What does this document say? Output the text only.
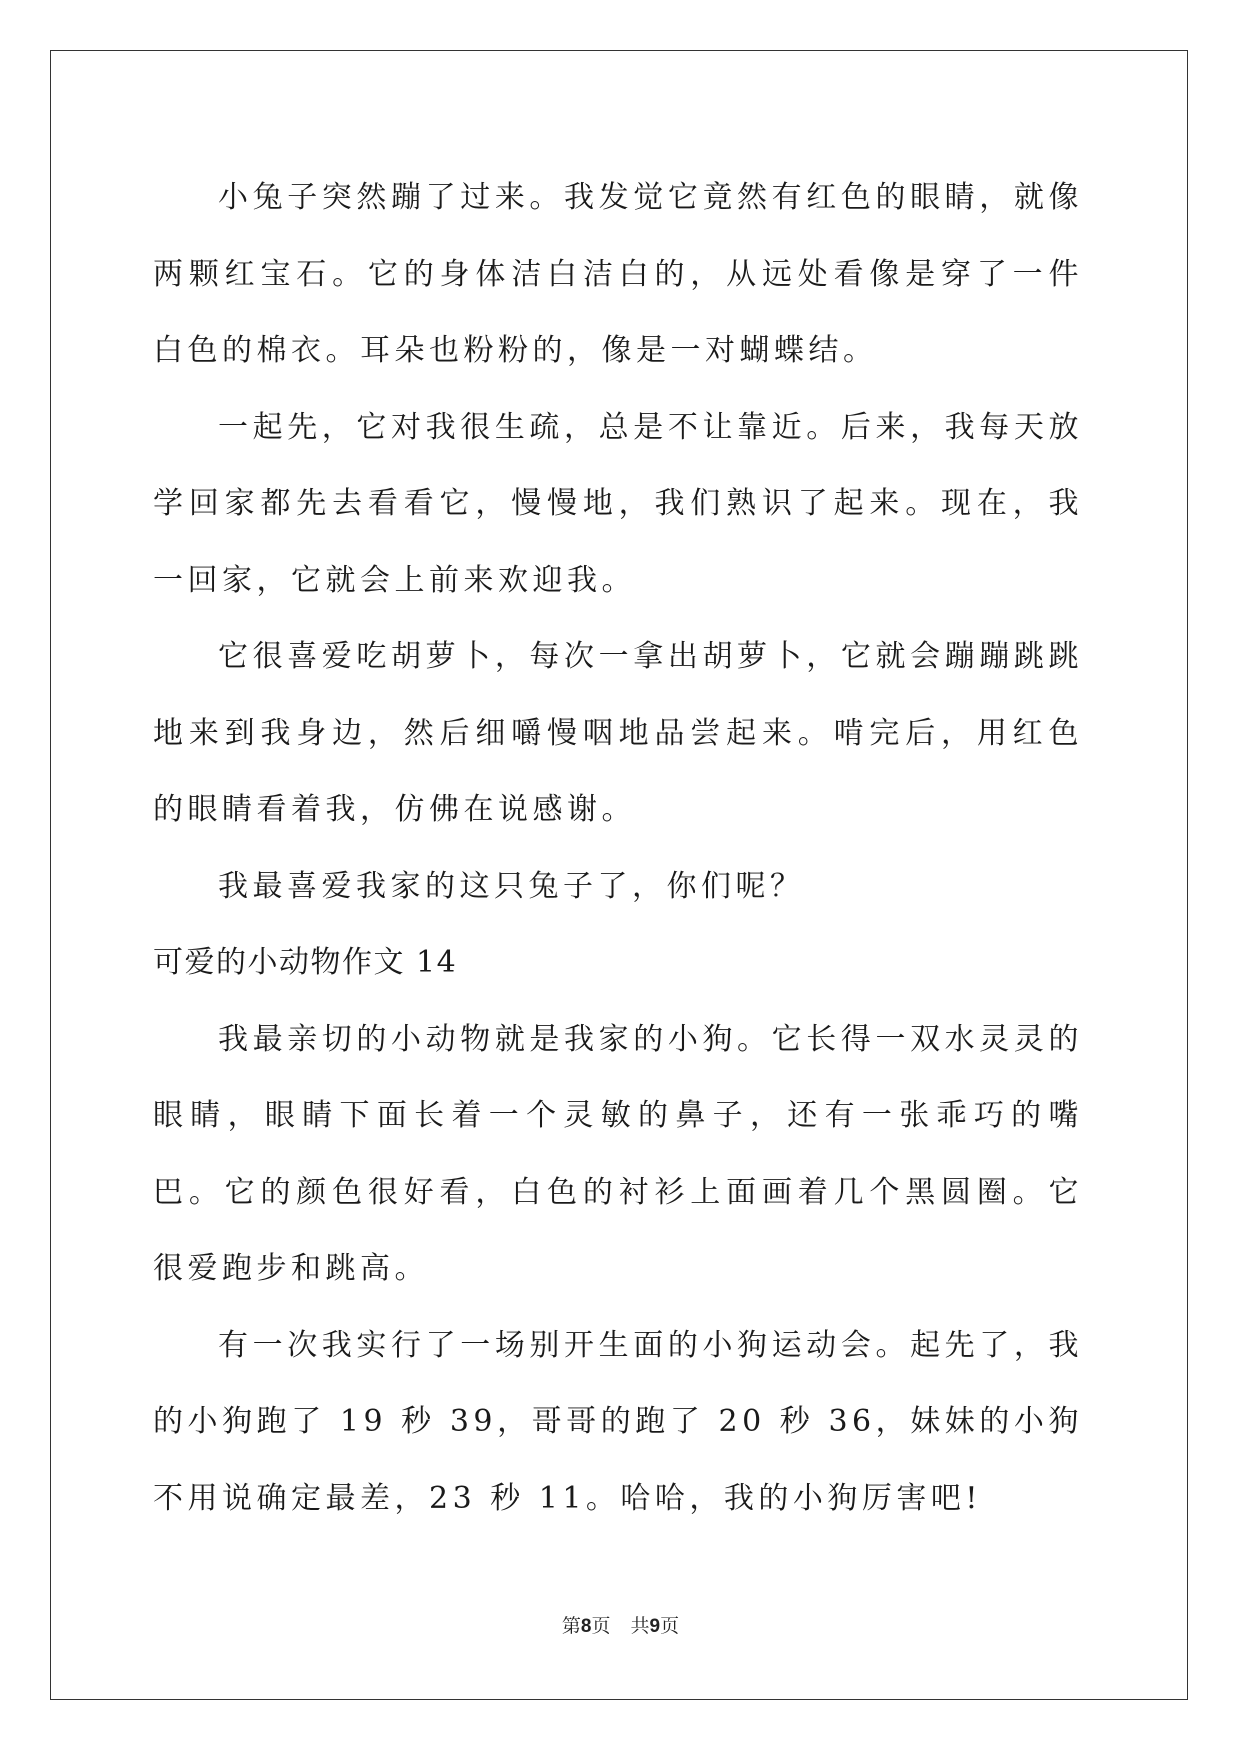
小兔子突然蹦了过来。我发觉它竟然有红色的眼睛，就像两颗红宝石。它的身体洁白洁白的，从远处看像是穿了一件白色的棉衣。耳朵也粉粉的，像是一对蝴蝶结。

一起先，它对我很生疏，总是不让靠近。后来，我每天放学回家都先去看看它，慢慢地，我们熟识了起来。现在，我一回家，它就会上前来欢迎我。

它很喜爱吃胡萝卜，每次一拿出胡萝卜，它就会蹦蹦跳跳地来到我身边，然后细嚼慢咽地品尝起来。啃完后，用红色的眼睛看着我，仿佛在说感谢。

我最喜爱我家的这只兔子了，你们呢？

可爱的小动物作文 14

我最亲切的小动物就是我家的小狗。它长得一双水灵灵的眼睛，眼睛下面长着一个灵敏的鼻子，还有一张乖巧的嘴巴。它的颜色很好看，白色的衬衫上面画着几个黑圆圈。它很爱跑步和跳高。

有一次我实行了一场别开生面的小狗运动会。起先了，我的小狗跑了 19 秒 39，哥哥的跑了 20 秒 36，妹妹的小狗不用说确定最差，23 秒 11。哈哈，我的小狗厉害吧!

第8页 共9页
